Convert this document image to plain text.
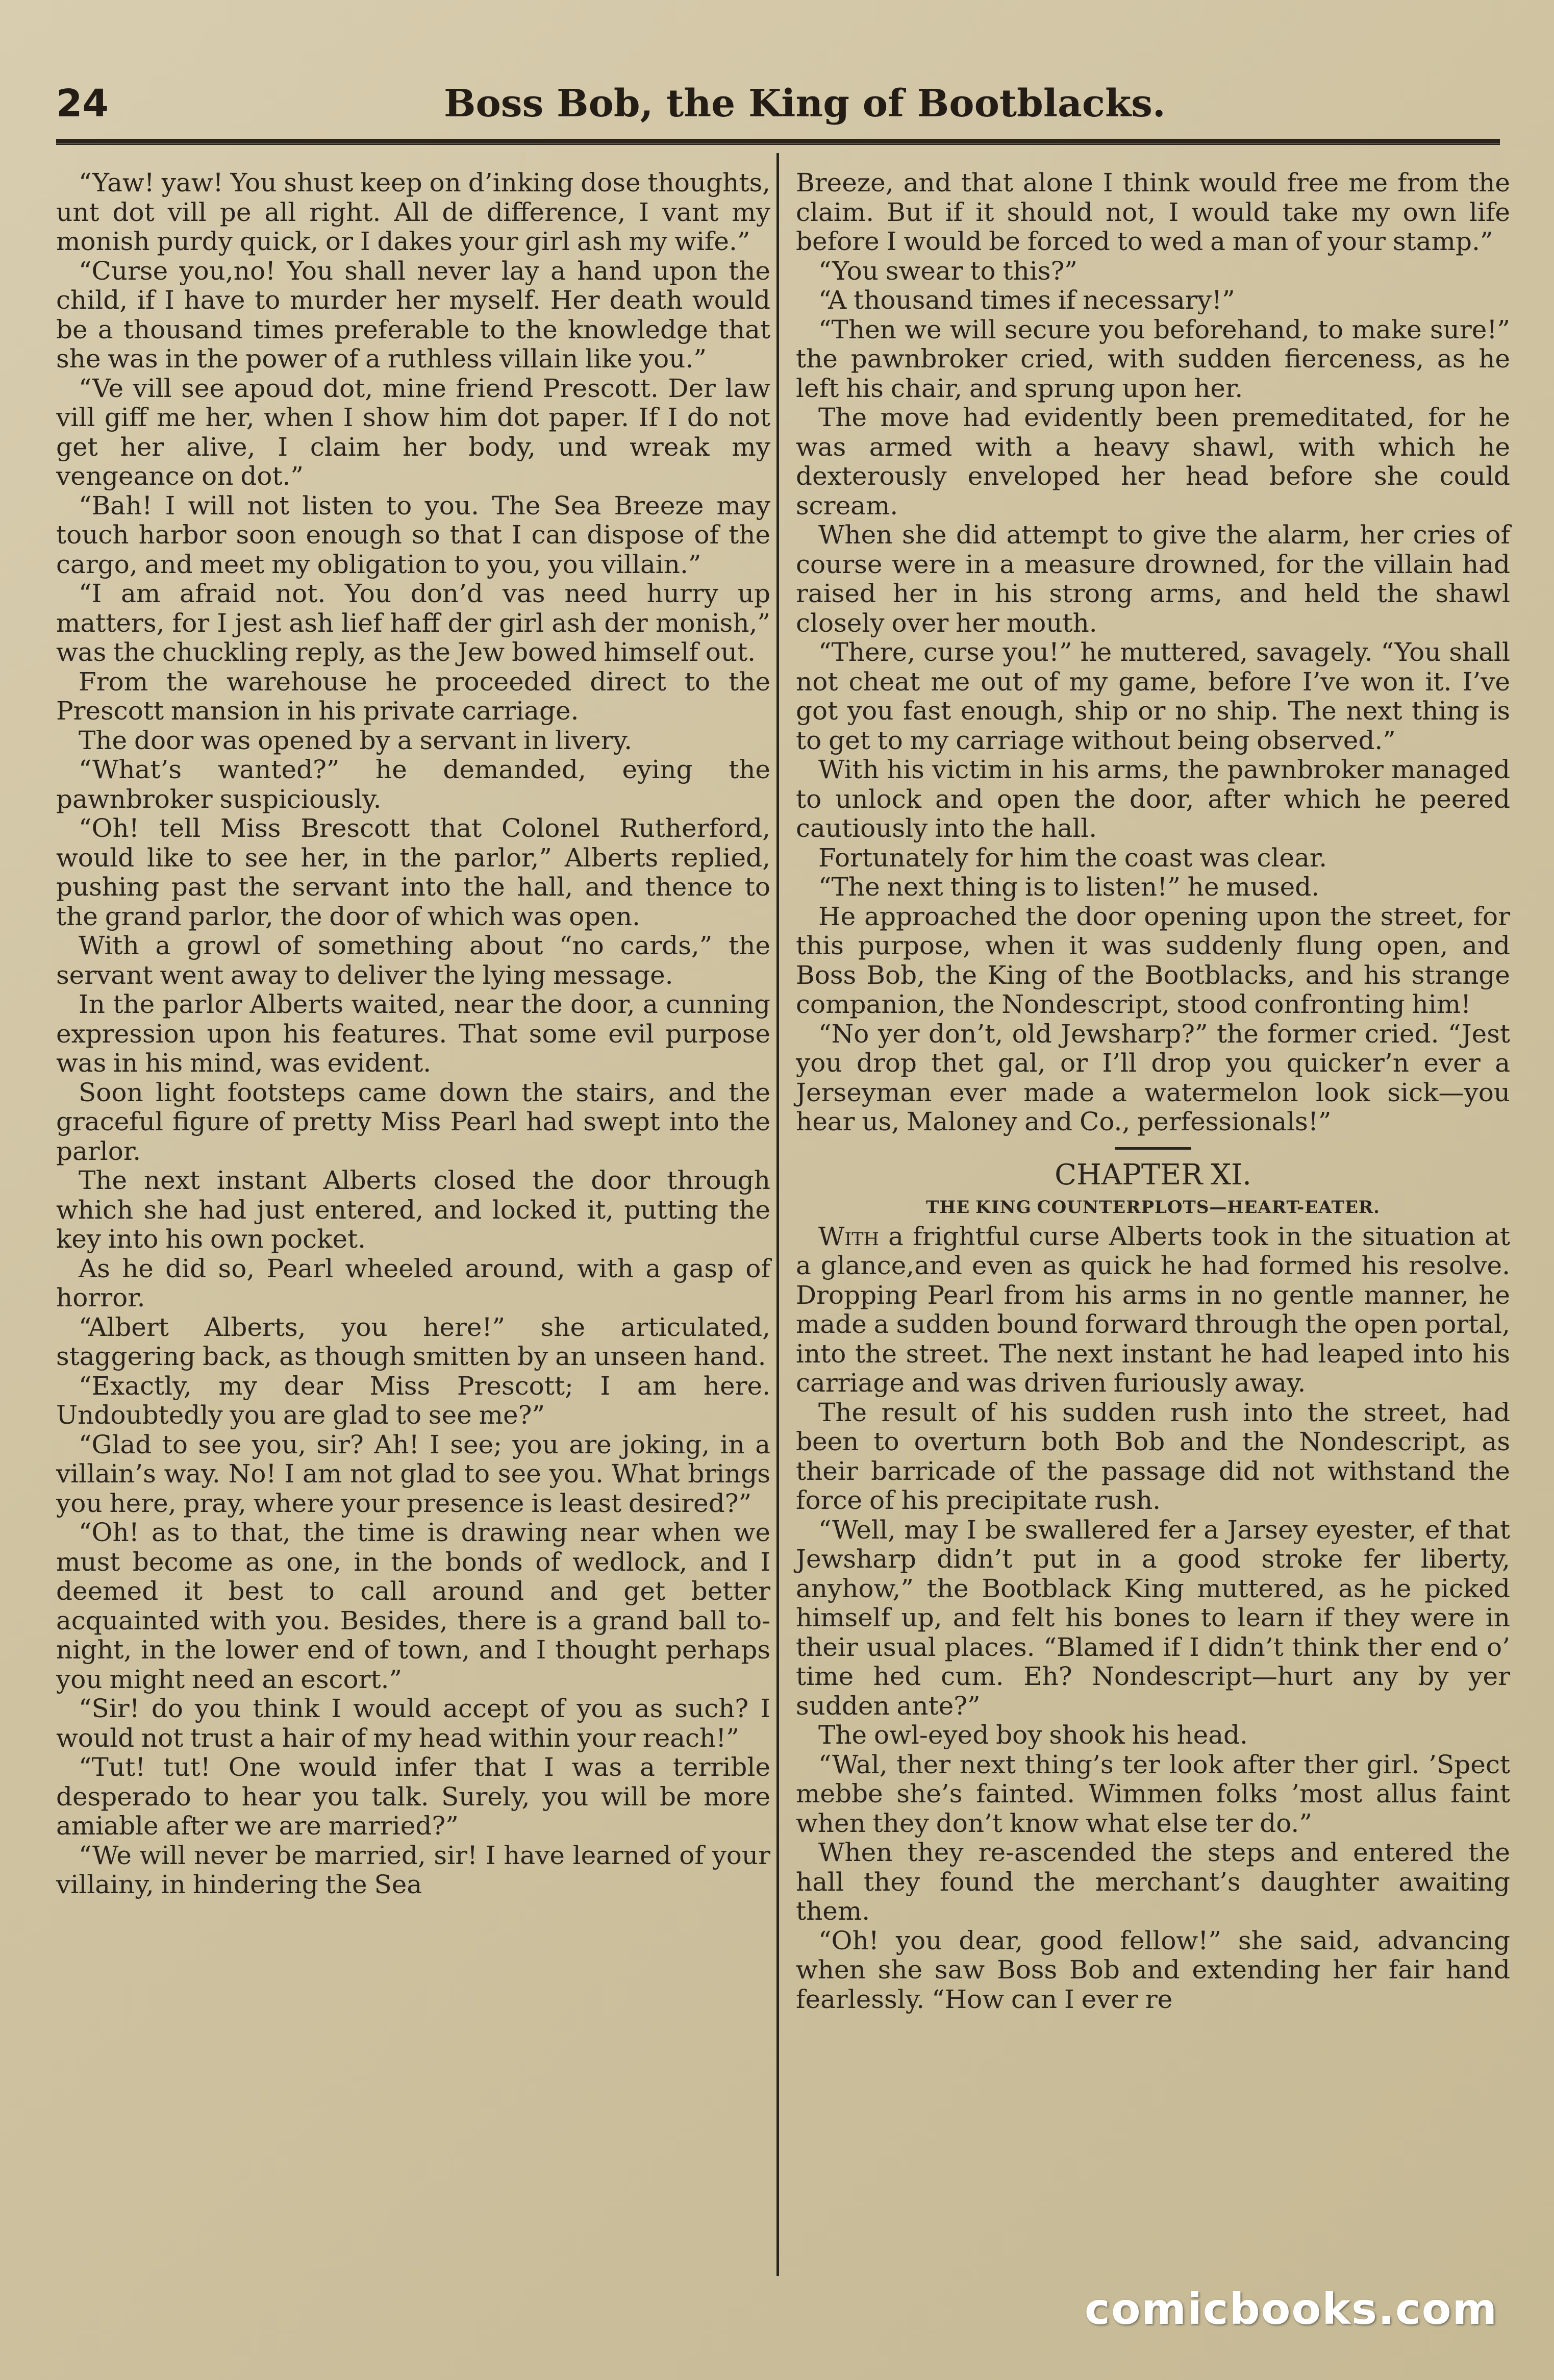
24	Boss Bob, the King of Bootblacks.

“Yaw! yaw! You shust keep on d’inking dose thoughts, unt dot vill pe all right. All de difference, I vant my monish purdy quick, or I dakes your girl ash my wife.”

“Curse you,no! You shall never lay a hand upon the child, if I have to murder her myself. Her death would be a thousand times preferable to the knowledge that she was in the power of a ruthless villain like you.”

“Ve vill see apoud dot, mine friend Prescott. Der law vill giff me her, when I show him dot paper. If I do not get her alive, I claim her body, und wreak my vengeance on dot.”

“Bah! I will not listen to you. The Sea Breeze may touch harbor soon enough so that I can dispose of the cargo, and meet my obligation to you, you villain.”

“I am afraid not. You don’d vas need hurry up matters, for I jest ash lief haff der girl ash der monish,” was the chuckling reply, as the Jew bowed himself out.

From the warehouse he proceeded direct to the Prescott mansion in his private carriage.

The door was opened by a servant in livery.

“What’s wanted?” he demanded, eying the pawnbroker suspiciously.

“Oh! tell Miss Brescott that Colonel Rutherford, would like to see her, in the parlor,” Alberts replied, pushing past the servant into the hall, and thence to the grand parlor, the door of which was open.

With a growl of something about “no cards,” the servant went away to deliver the lying message.

In the parlor Alberts waited, near the door, a cunning expression upon his features. That some evil purpose was in his mind, was evident.

Soon light footsteps came down the stairs, and the graceful figure of pretty Miss Pearl had swept into the parlor.

The next instant Alberts closed the door through which she had just entered, and locked it, putting the key into his own pocket.

As he did so, Pearl wheeled around, with a gasp of horror.

“Albert Alberts, you here!” she articulated, staggering back, as though smitten by an unseen hand.

“Exactly, my dear Miss Prescott; I am here. Undoubtedly you are glad to see me?”

“Glad to see you, sir? Ah! I see; you are joking, in a villain’s way. No! I am not glad to see you. What brings you here, pray, where your presence is least desired?”

“Oh! as to that, the time is drawing near when we must become as one, in the bonds of wedlock, and I deemed it best to call around and get better acquainted with you. Besides, there is a grand ball to-night, in the lower end of town, and I thought perhaps you might need an escort.”

“Sir! do you think I would accept of you as such? I would not trust a hair of my head within your reach!”

“Tut! tut! One would infer that I was a terrible desperado to hear you talk. Surely, you will be more amiable after we are married?”

“We will never be married, sir! I have learned of your villainy, in hindering the Sea

Breeze, and that alone I think would free me from the claim. But if it should not, I would take my own life before I would be forced to wed a man of your stamp.”

“You swear to this?”

“A thousand times if necessary!”

“Then we will secure you beforehand, to make sure!” the pawnbroker cried, with sudden fierceness, as he left his chair, and sprung upon her.

The move had evidently been premeditated, for he was armed with a heavy shawl, with which he dexterously enveloped her head before she could scream.

When she did attempt to give the alarm, her cries of course were in a measure drowned, for the villain had raised her in his strong arms, and held the shawl closely over her mouth.

“There, curse you!” he muttered, savagely. “You shall not cheat me out of my game, before I’ve won it. I’ve got you fast enough, ship or no ship. The next thing is to get to my carriage without being observed.”

With his victim in his arms, the pawnbroker managed to unlock and open the door, after which he peered cautiously into the hall.

Fortunately for him the coast was clear.

“The next thing is to listen!” he mused.

He approached the door opening upon the street, for this purpose, when it was suddenly flung open, and Boss Bob, the King of the Bootblacks, and his strange companion, the Nondescript, stood confronting him!

“No yer don’t, old Jewsharp?” the former cried. “Jest you drop thet gal, or I’ll drop you quicker’n ever a Jerseyman ever made a watermelon look sick—you hear us, Maloney and Co., perfessionals!”

CHAPTER XI.
THE KING COUNTERPLOTS—HEART-EATER.

With a frightful curse Alberts took in the situation at a glance,and even as quick he had formed his resolve. Dropping Pearl from his arms in no gentle manner, he made a sudden bound forward through the open portal, into the street. The next instant he had leaped into his carriage and was driven furiously away.

The result of his sudden rush into the street, had been to overturn both Bob and the Nondescript, as their barricade of the passage did not withstand the force of his precipitate rush.

“Well, may I be swallered fer a Jarsey eyester, ef that Jewsharp didn’t put in a good stroke fer liberty, anyhow,” the Bootblack King muttered, as he picked himself up, and felt his bones to learn if they were in their usual places. “Blamed if I didn’t think ther end o’ time hed cum. Eh? Nondescript—hurt any by yer sudden ante?”

The owl-eyed boy shook his head.

“Wal, ther next thing’s ter look after ther girl. ’Spect mebbe she’s fainted. Wimmen folks ’most allus faint when they don’t know what else ter do.”

When they re-ascended the steps and entered the hall they found the merchant’s daughter awaiting them.

“Oh! you dear, good fellow!” she said, advancing when she saw Boss Bob and extending her fair hand fearlessly. “How can I ever re

comicbooks.com
